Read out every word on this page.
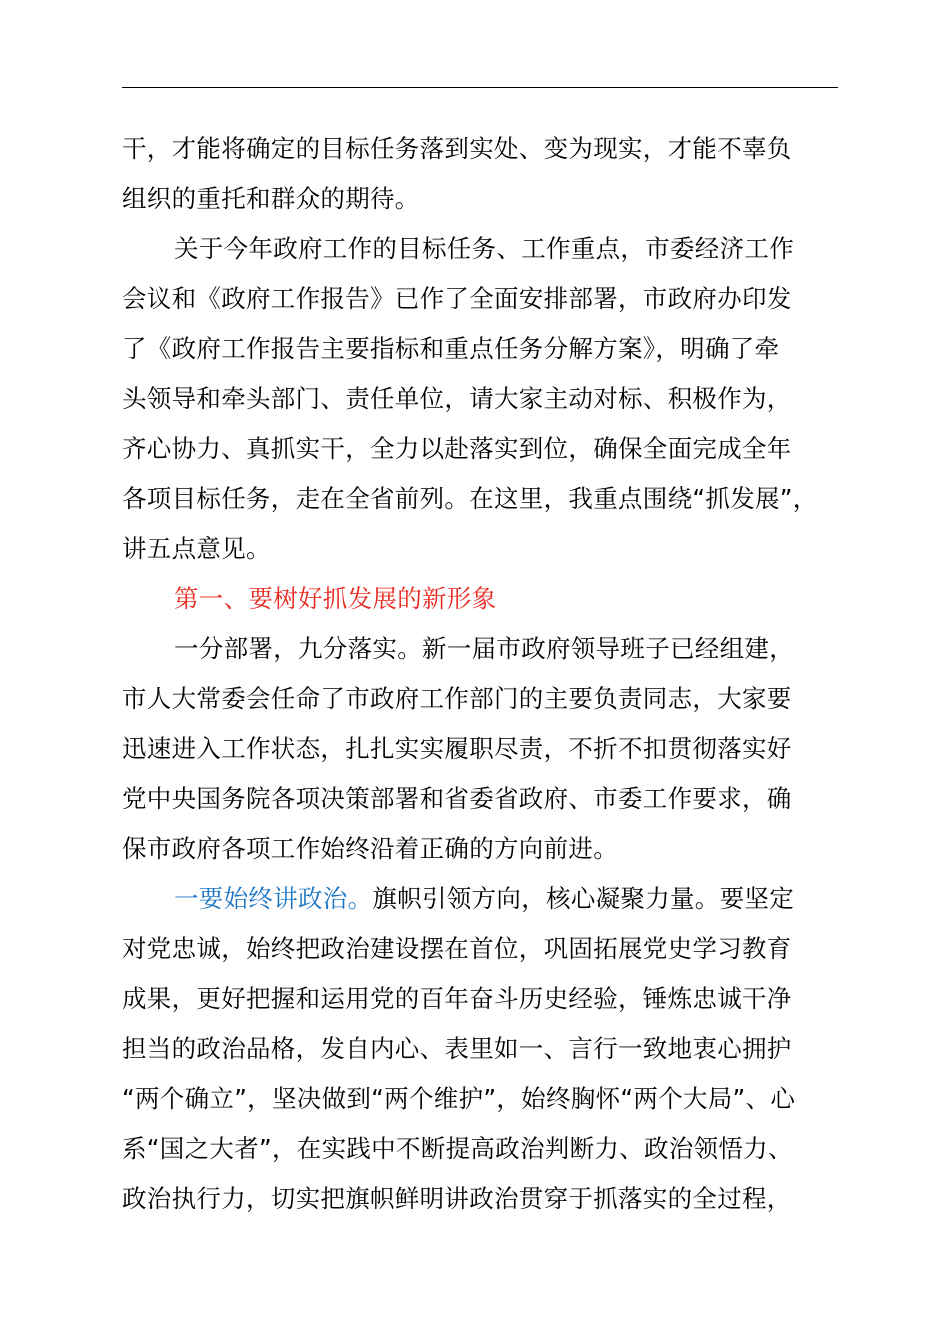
干，才能将确定的目标任务落到实处、变为现实，才能不辜负
组织的重托和群众的期待。
关于今年政府工作的目标任务、工作重点，市委经济工作
会议和《政府工作报告》已作了全面安排部署，市政府办印发
了《政府工作报告主要指标和重点任务分解方案》，明确了牵
头领导和牵头部门、责任单位，请大家主动对标、积极作为，
齐心协力、真抓实干，全力以赴落实到位，确保全面完成全年
各项目标任务，走在全省前列。在这里，我重点围绕“抓发展”，
讲五点意见。
第一、要树好抓发展的新形象
一分部署，九分落实。新一届市政府领导班子已经组建，
市人大常委会任命了市政府工作部门的主要负责同志，大家要
迅速进入工作状态，扎扎实实履职尽责，不折不扣贯彻落实好
党中央国务院各项决策部署和省委省政府、市委工作要求，确
保市政府各项工作始终沿着正确的方向前进。
一要始终讲政治。旗帜引领方向，核心凝聚力量。要坚定
对党忠诚，始终把政治建设摆在首位，巩固拓展党史学习教育
成果，更好把握和运用党的百年奋斗历史经验，锤炼忠诚干净
担当的政治品格，发自内心、表里如一、言行一致地衷心拥护
“两个确立”，坚决做到“两个维护”，始终胸怀“两个大局”、心
系“国之大者”，在实践中不断提高政治判断力、政治领悟力、
政治执行力，切实把旗帜鲜明讲政治贯穿于抓落实的全过程，
